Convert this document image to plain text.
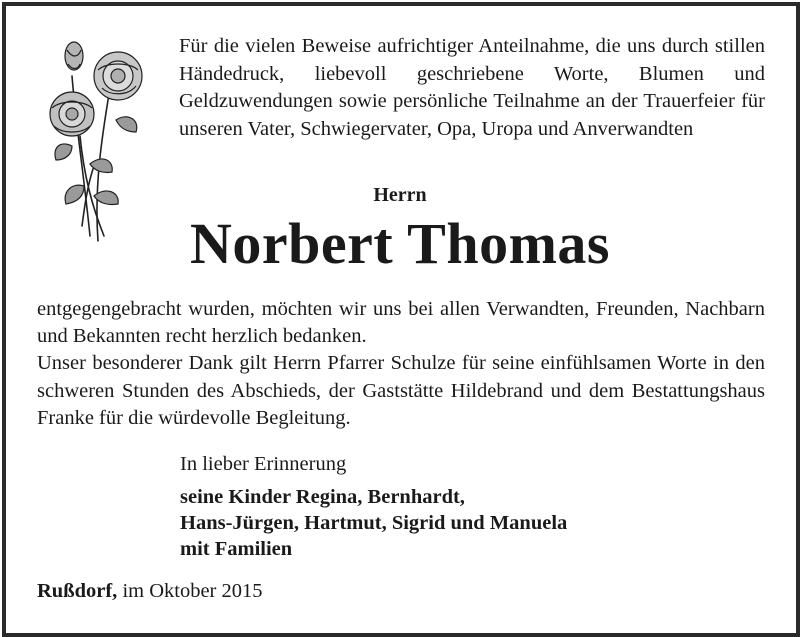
Für die vielen Beweise aufrichtiger Anteilnahme, die uns durch stillen Händedruck, liebevoll geschriebene Worte, Blumen und Geldzuwendungen sowie persönliche Teilnahme an der Trauerfeier für unseren Vater, Schwiegervater, Opa, Uropa und Anverwandten
Herrn
Norbert Thomas

entgegengebracht wurden, möchten wir uns bei allen Verwandten, Freunden, Nachbarn und Bekannten recht herzlich bedanken.

Unser besonderer Dank gilt Herrn Pfarrer Schulze für seine einfühlsamen Worte in den schweren Stunden des Abschieds, der Gaststätte Hildebrand und dem Bestattungshaus Franke für die würdevolle Begleitung.

In lieber Erinnerung
seine Kinder Regina, Bernhardt,
Hans-Jürgen, Hartmut, Sigrid und Manuela
mit Familien
Rußdorf, im Oktober 2015
